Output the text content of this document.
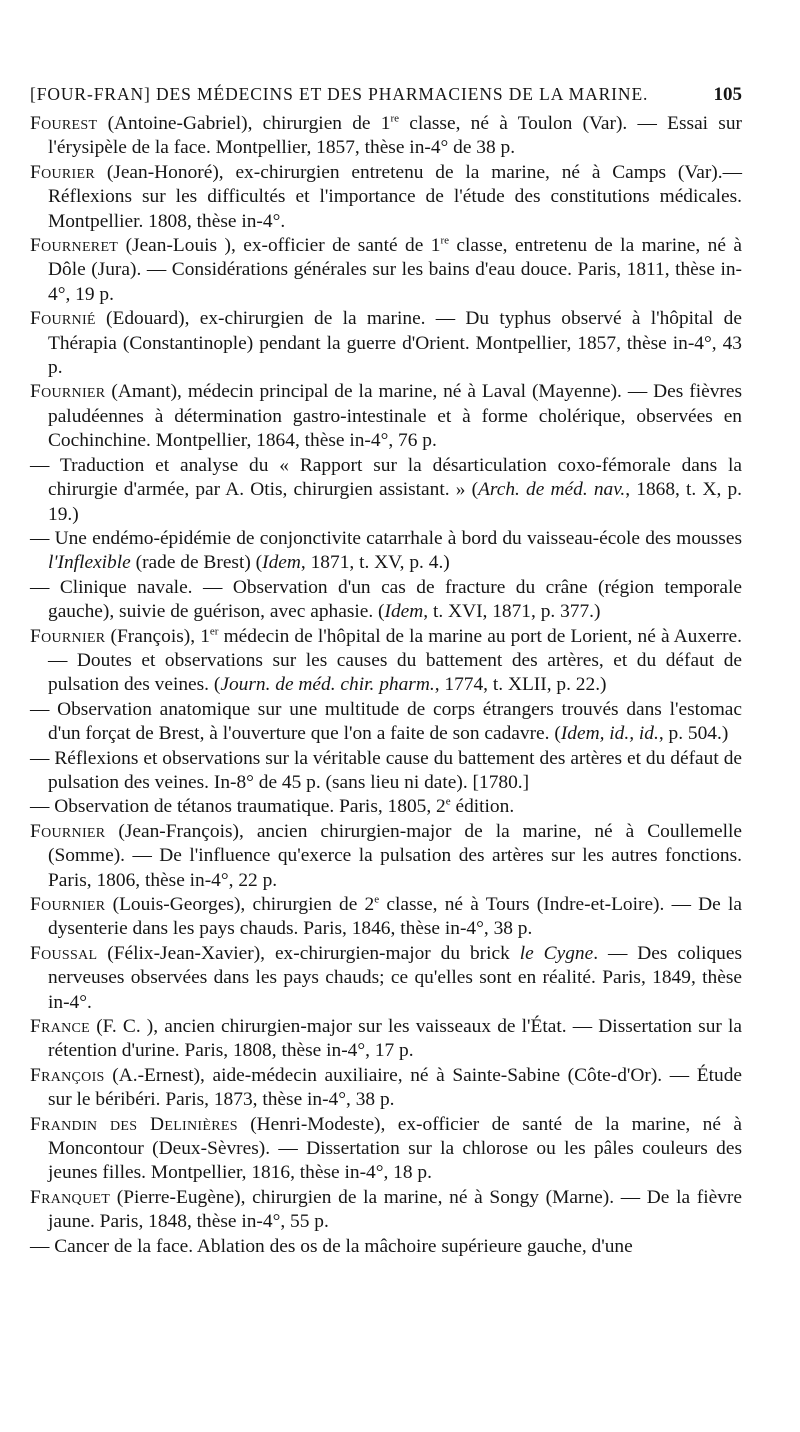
[FOUR-FRAN] DES MÉDECINS ET DES PHARMACIENS DE LA MARINE.	105

Fourest (Antoine-Gabriel), chirurgien de 1re classe, né à Toulon (Var). — Essai sur l'érysipèle de la face. Montpellier, 1857, thèse in-4° de 38 p.

Fourier (Jean-Honoré), ex-chirurgien entretenu de la marine, né à Camps (Var).— Réflexions sur les difficultés et l'importance de l'étude des constitutions médicales. Montpellier. 1808, thèse in-4°.

Fourneret (Jean-Louis ), ex-officier de santé de 1re classe, entretenu de la marine, né à Dôle (Jura). — Considérations générales sur les bains d'eau douce. Paris, 1811, thèse in-4°, 19 p.

Fournié (Edouard), ex-chirurgien de la marine. — Du typhus observé à l'hôpital de Thérapia (Constantinople) pendant la guerre d'Orient. Montpellier, 1857, thèse in-4°, 43 p.

Fournier (Amant), médecin principal de la marine, né à Laval (Mayenne). — Des fièvres paludéennes à détermination gastro-intestinale et à forme cholérique, observées en Cochinchine. Montpellier, 1864, thèse in-4°, 76 p.

— Traduction et analyse du « Rapport sur la désarticulation coxo-fémorale dans la chirurgie d'armée, par A. Otis, chirurgien assistant. » (Arch. de méd. nav., 1868, t. X, p. 19.)

— Une endémo-épidémie de conjonctivite catarrhale à bord du vaisseau-école des mousses l'Inflexible (rade de Brest) (Idem, 1871, t. XV, p. 4.)

— Clinique navale. — Observation d'un cas de fracture du crâne (région temporale gauche), suivie de guérison, avec aphasie. (Idem, t. XVI, 1871, p. 377.)

Fournier (François), 1er médecin de l'hôpital de la marine au port de Lorient, né à Auxerre. — Doutes et observations sur les causes du battement des artères, et du défaut de pulsation des veines. (Journ. de méd. chir. pharm., 1774, t. XLII, p. 22.)

— Observation anatomique sur une multitude de corps étrangers trouvés dans l'estomac d'un forçat de Brest, à l'ouverture que l'on a faite de son cadavre. (Idem, id., id., p. 504.)

— Réflexions et observations sur la véritable cause du battement des artères et du défaut de pulsation des veines. In-8° de 45 p. (sans lieu ni date). [1780.]

— Observation de tétanos traumatique. Paris, 1805, 2e édition.

Fournier (Jean-François), ancien chirurgien-major de la marine, né à Coullemelle (Somme). — De l'influence qu'exerce la pulsation des artères sur les autres fonctions. Paris, 1806, thèse in-4°, 22 p.

Fournier (Louis-Georges), chirurgien de 2e classe, né à Tours (Indre-et-Loire). — De la dysenterie dans les pays chauds. Paris, 1846, thèse in-4°, 38 p.

Foussal (Félix-Jean-Xavier), ex-chirurgien-major du brick le Cygne. — Des coliques nerveuses observées dans les pays chauds; ce qu'elles sont en réalité. Paris, 1849, thèse in-4°.

France (F. C. ), ancien chirurgien-major sur les vaisseaux de l'État. — Dissertation sur la rétention d'urine. Paris, 1808, thèse in-4°, 17 p.

François (A.-Ernest), aide-médecin auxiliaire, né à Sainte-Sabine (Côte-d'Or). — Étude sur le béribéri. Paris, 1873, thèse in-4°, 38 p.

Frandin des Delinières (Henri-Modeste), ex-officier de santé de la marine, né à Moncontour (Deux-Sèvres). — Dissertation sur la chlorose ou les pâles couleurs des jeunes filles. Montpellier, 1816, thèse in-4°, 18 p.

Franquet (Pierre-Eugène), chirurgien de la marine, né à Songy (Marne). — De la fièvre jaune. Paris, 1848, thèse in-4°, 55 p.

— Cancer de la face. Ablation des os de la mâchoire supérieure gauche, d'une
